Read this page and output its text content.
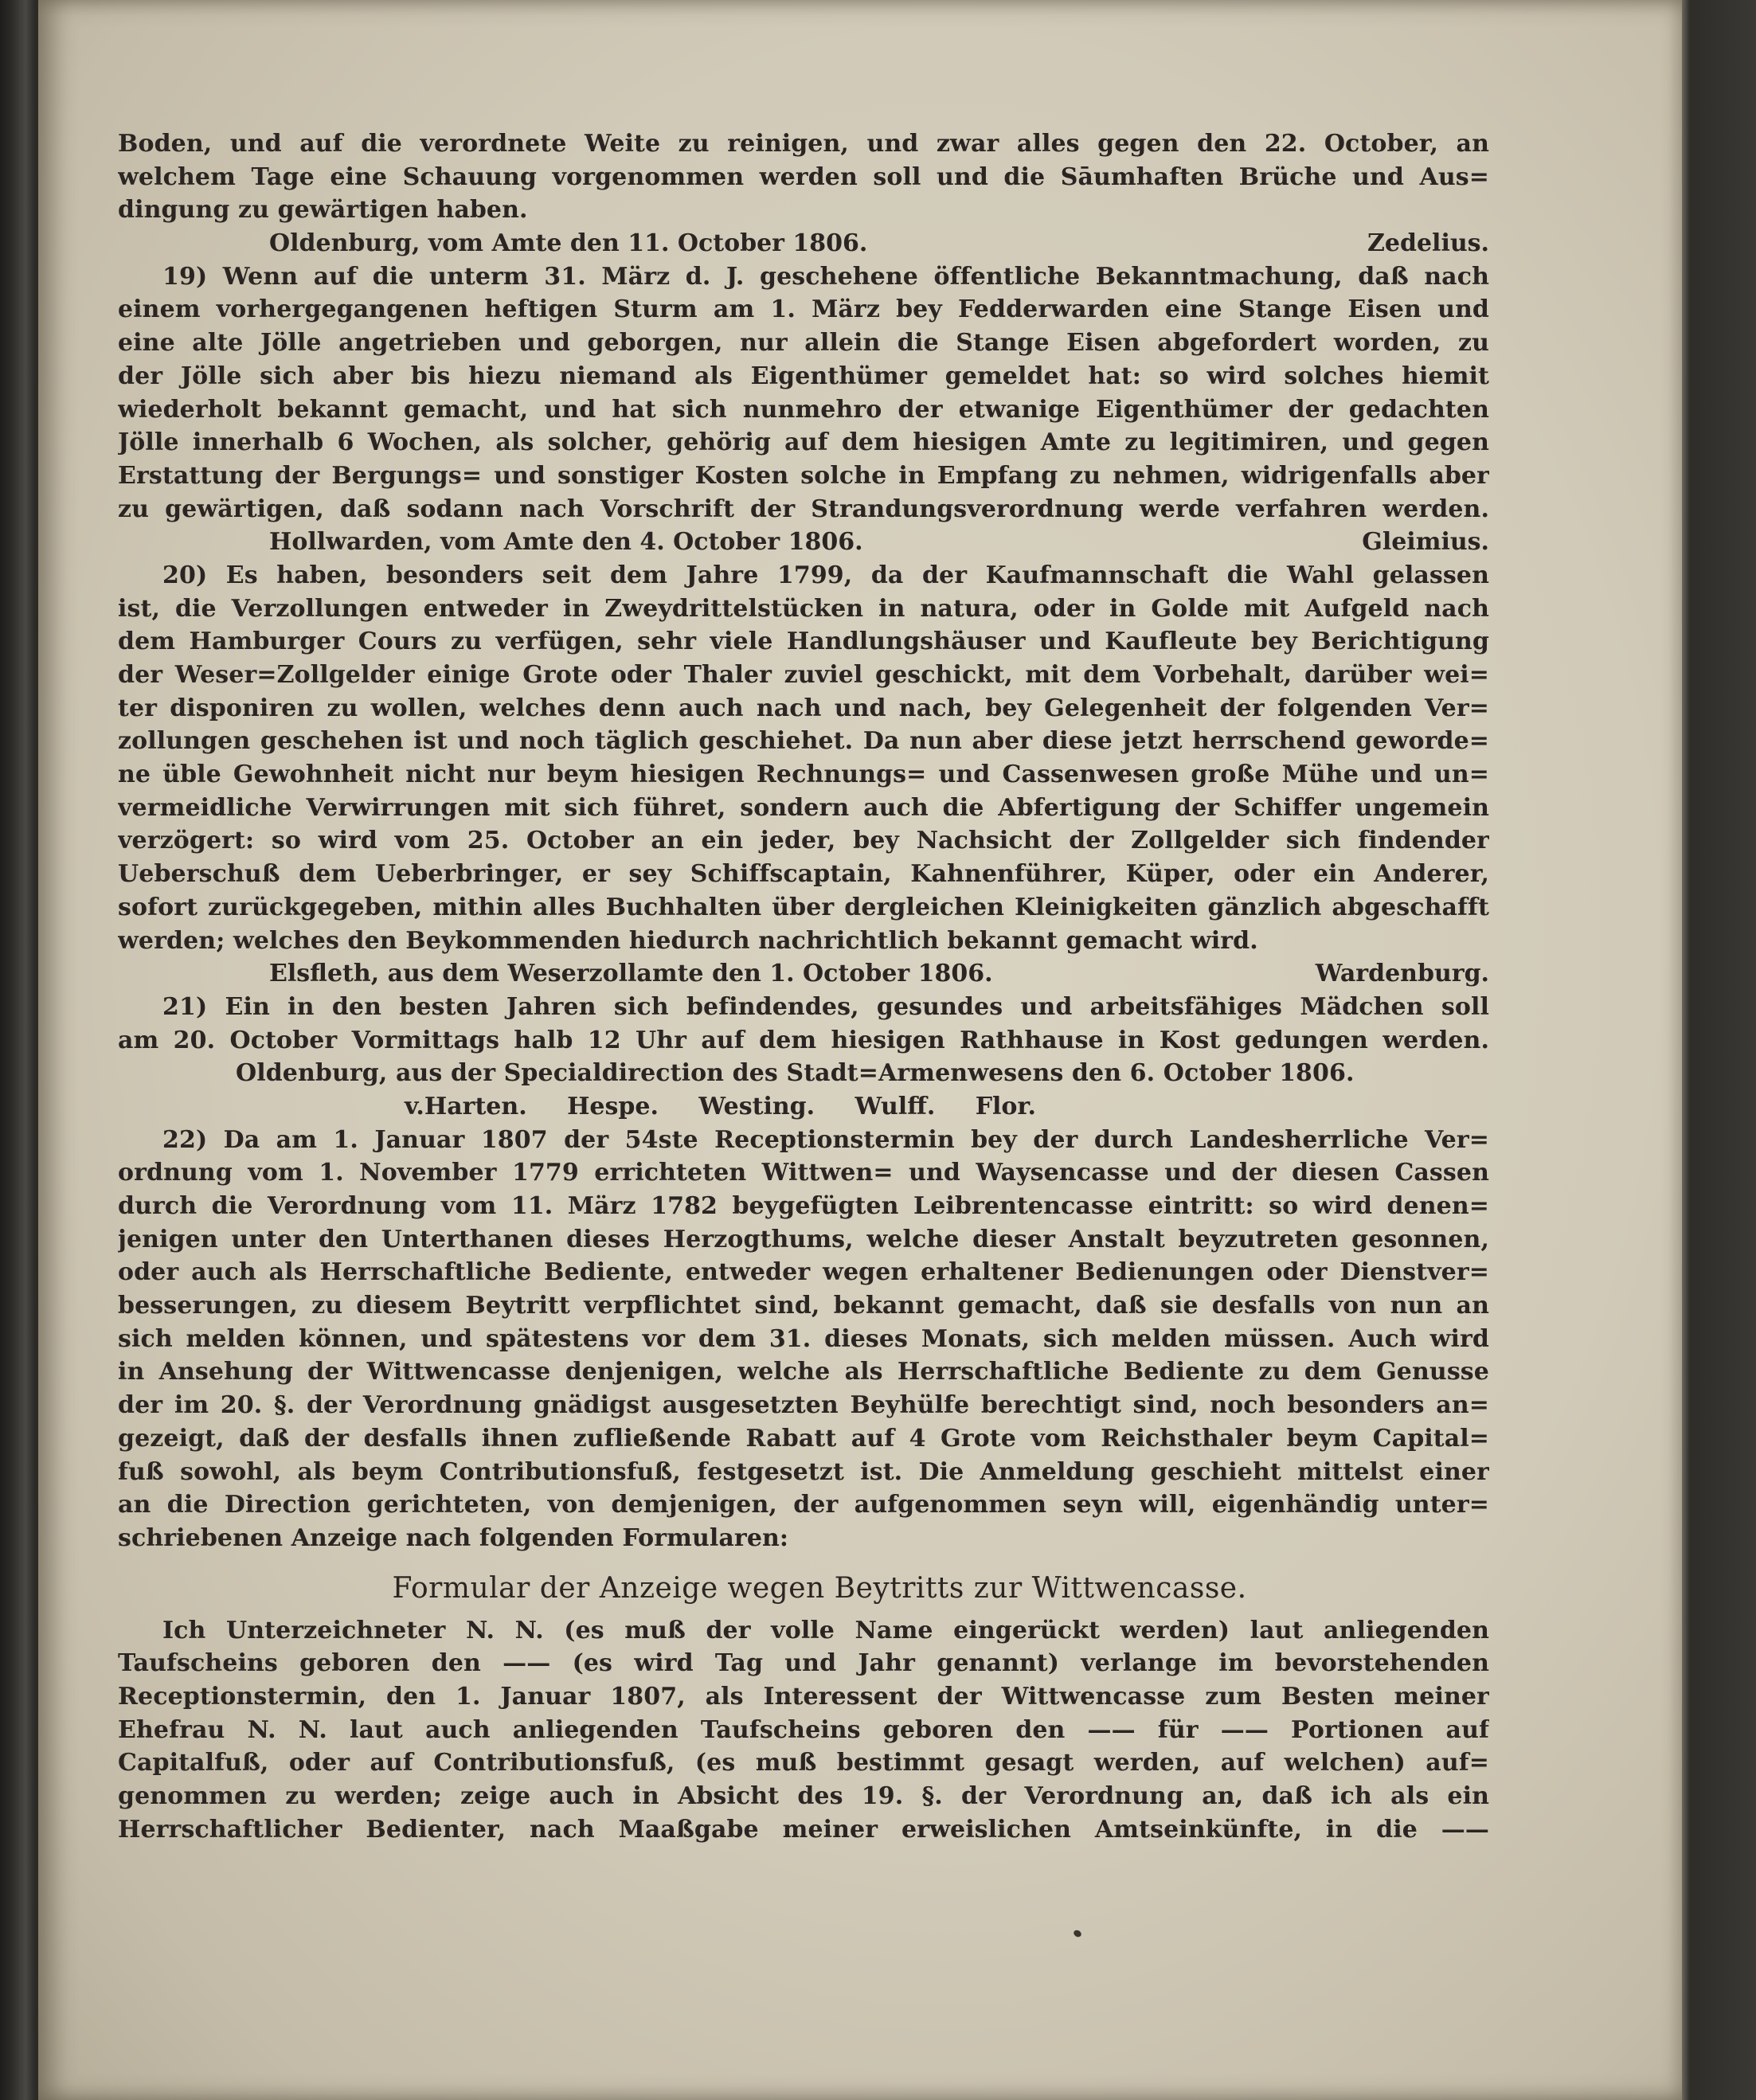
Boden, und auf die verordnete Weite zu reinigen, und zwar alles gegen den 22. October, an
welchem Tage eine Schauung vorgenommen werden soll und die Sāumhaften Brüche und Aus=
dingung zu gewärtigen haben.
Oldenburg, vom Amte den 11. October 1806.	Zedelius.
19) Wenn auf die unterm 31. März d. J. geschehene öffentliche Bekanntmachung, daß nach
einem vorhergegangenen heftigen Sturm am 1. März bey Fedderwarden eine Stange Eisen und
eine alte Jölle angetrieben und geborgen, nur allein die Stange Eisen abgefordert worden, zu
der Jölle sich aber bis hiezu niemand als Eigenthümer gemeldet hat: so wird solches hiemit
wiederholt bekannt gemacht, und hat sich nunmehro der etwanige Eigenthümer der gedachten
Jölle innerhalb 6 Wochen, als solcher, gehörig auf dem hiesigen Amte zu legitimiren, und gegen
Erstattung der Bergungs= und sonstiger Kosten solche in Empfang zu nehmen, widrigenfalls aber
zu gewärtigen, daß sodann nach Vorschrift der Strandungsverordnung werde verfahren werden.
Hollwarden, vom Amte den 4. October 1806.	Gleimius.
20) Es haben, besonders seit dem Jahre 1799, da der Kaufmannschaft die Wahl gelassen
ist, die Verzollungen entweder in Zweydrittelstücken in natura, oder in Golde mit Aufgeld nach
dem Hamburger Cours zu verfügen, sehr viele Handlungshäuser und Kaufleute bey Berichtigung
der Weser=Zollgelder einige Grote oder Thaler zuviel geschickt, mit dem Vorbehalt, darüber wei=
ter disponiren zu wollen, welches denn auch nach und nach, bey Gelegenheit der folgenden Ver=
zollungen geschehen ist und noch täglich geschiehet. Da nun aber diese jetzt herrschend geworde=
ne üble Gewohnheit nicht nur beym hiesigen Rechnungs= und Cassenwesen große Mühe und un=
vermeidliche Verwirrungen mit sich führet, sondern auch die Abfertigung der Schiffer ungemein
verzögert: so wird vom 25. October an ein jeder, bey Nachsicht der Zollgelder sich findender
Ueberschuß dem Ueberbringer, er sey Schiffscaptain, Kahnenführer, Küper, oder ein Anderer,
sofort zurückgegeben, mithin alles Buchhalten über dergleichen Kleinigkeiten gänzlich abgeschafft
werden; welches den Beykommenden hiedurch nachrichtlich bekannt gemacht wird.
Elsfleth, aus dem Weserzollamte den 1. October 1806.	Wardenburg.
21) Ein in den besten Jahren sich befindendes, gesundes und arbeitsfähiges Mädchen soll
am 20. October Vormittags halb 12 Uhr auf dem hiesigen Rathhause in Kost gedungen werden.
Oldenburg, aus der Specialdirection des Stadt=Armenwesens den 6. October 1806.
v.Harten. Hespe. Westing. Wulff. Flor.
22) Da am 1. Januar 1807 der 54ste Receptionstermin bey der durch Landesherrliche Ver=
ordnung vom 1. November 1779 errichteten Wittwen= und Waysencasse und der diesen Cassen
durch die Verordnung vom 11. März 1782 beygefügten Leibrentencasse eintritt: so wird denen=
jenigen unter den Unterthanen dieses Herzogthums, welche dieser Anstalt beyzutreten gesonnen,
oder auch als Herrschaftliche Bediente, entweder wegen erhaltener Bedienungen oder Dienstver=
besserungen, zu diesem Beytritt verpflichtet sind, bekannt gemacht, daß sie desfalls von nun an
sich melden können, und spätestens vor dem 31. dieses Monats, sich melden müssen. Auch wird
in Ansehung der Wittwencasse denjenigen, welche als Herrschaftliche Bediente zu dem Genusse
der im 20. §. der Verordnung gnädigst ausgesetzten Beyhülfe berechtigt sind, noch besonders an=
gezeigt, daß der desfalls ihnen zufließende Rabatt auf 4 Grote vom Reichsthaler beym Capital=
fuß sowohl, als beym Contributionsfuß, festgesetzt ist. Die Anmeldung geschieht mittelst einer
an die Direction gerichteten, von demjenigen, der aufgenommen seyn will, eigenhändig unter=
schriebenen Anzeige nach folgenden Formularen:
Formular der Anzeige wegen Beytritts zur Wittwencasse.
Ich Unterzeichneter N. N. (es muß der volle Name eingerückt werden) laut anliegenden
Taufscheins geboren den —— (es wird Tag und Jahr genannt) verlange im bevorstehenden
Receptionstermin, den 1. Januar 1807, als Interessent der Wittwencasse zum Besten meiner
Ehefrau N. N. laut auch anliegenden Taufscheins geboren den —— für —— Portionen auf
Capitalfuß, oder auf Contributionsfuß, (es muß bestimmt gesagt werden, auf welchen) auf=
genommen zu werden; zeige auch in Absicht des 19. §. der Verordnung an, daß ich als ein
Herrschaftlicher Bedienter, nach Maaßgabe meiner erweislichen Amtseinkünfte, in die ——
